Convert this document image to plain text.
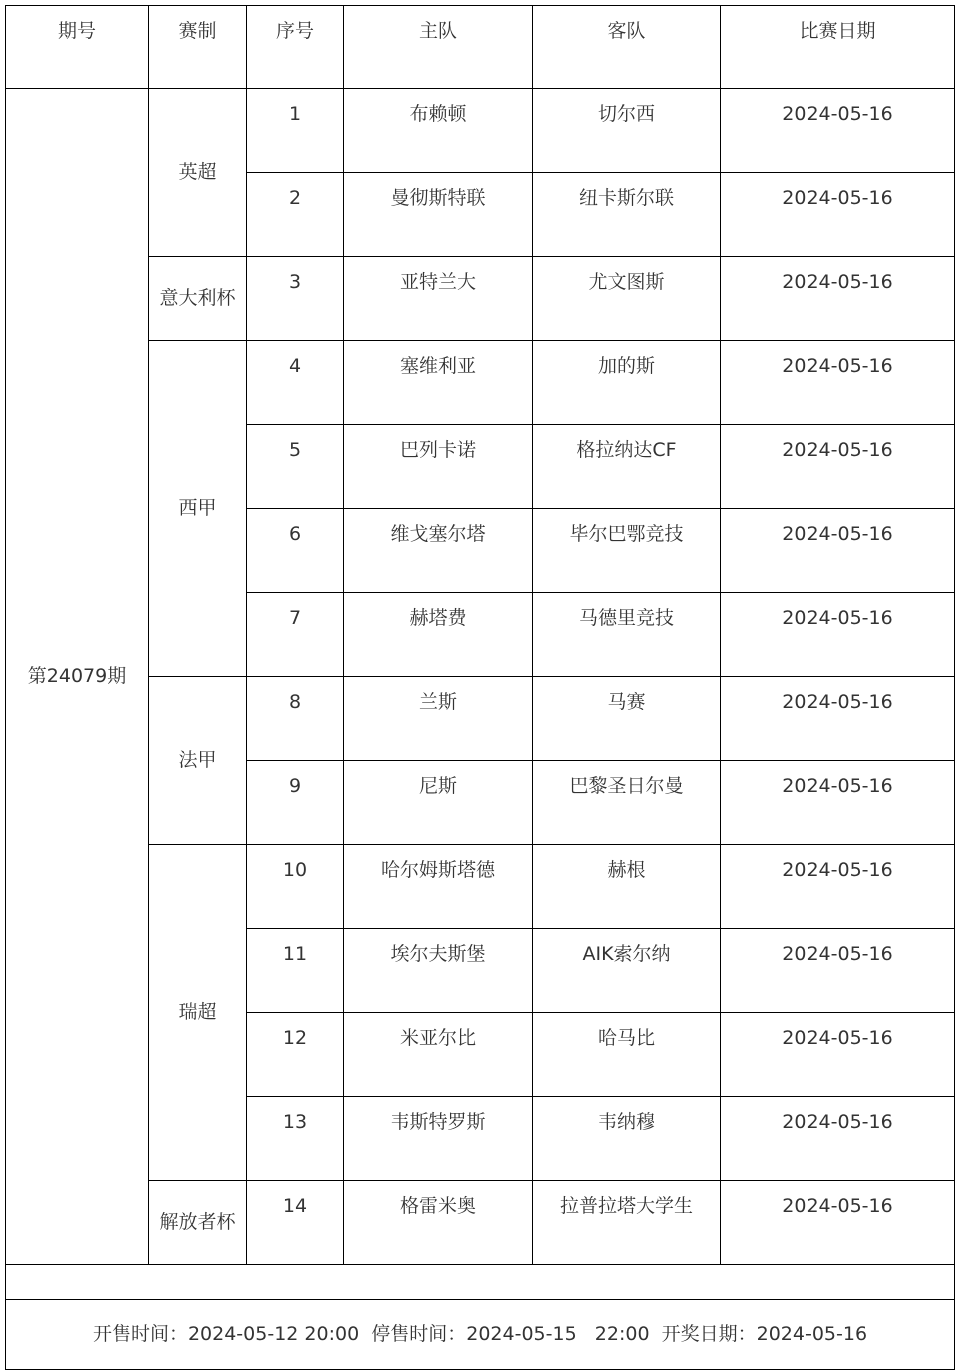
期号	赛制	序号	主队	客队	比赛日期
第24079期	英超	1	布赖顿	切尔西	2024-05-16
		2	曼彻斯特联	纽卡斯尔联	2024-05-16
	意大利杯	3	亚特兰大	尤文图斯	2024-05-16
	西甲	4	塞维利亚	加的斯	2024-05-16
		5	巴列卡诺	格拉纳达CF	2024-05-16
		6	维戈塞尔塔	毕尔巴鄂竞技	2024-05-16
		7	赫塔费	马德里竞技	2024-05-16
	法甲	8	兰斯	马赛	2024-05-16
		9	尼斯	巴黎圣日尔曼	2024-05-16
	瑞超	10	哈尔姆斯塔德	赫根	2024-05-16
		11	埃尔夫斯堡	AIK索尔纳	2024-05-16
		12	米亚尔比	哈马比	2024-05-16
		13	韦斯特罗斯	韦纳穆	2024-05-16
	解放者杯	14	格雷米奥	拉普拉塔大学生	2024-05-16

开售时间：2024-05-12 20:00  停售时间：2024-05-15   22:00  开奖日期：2024-05-16					
